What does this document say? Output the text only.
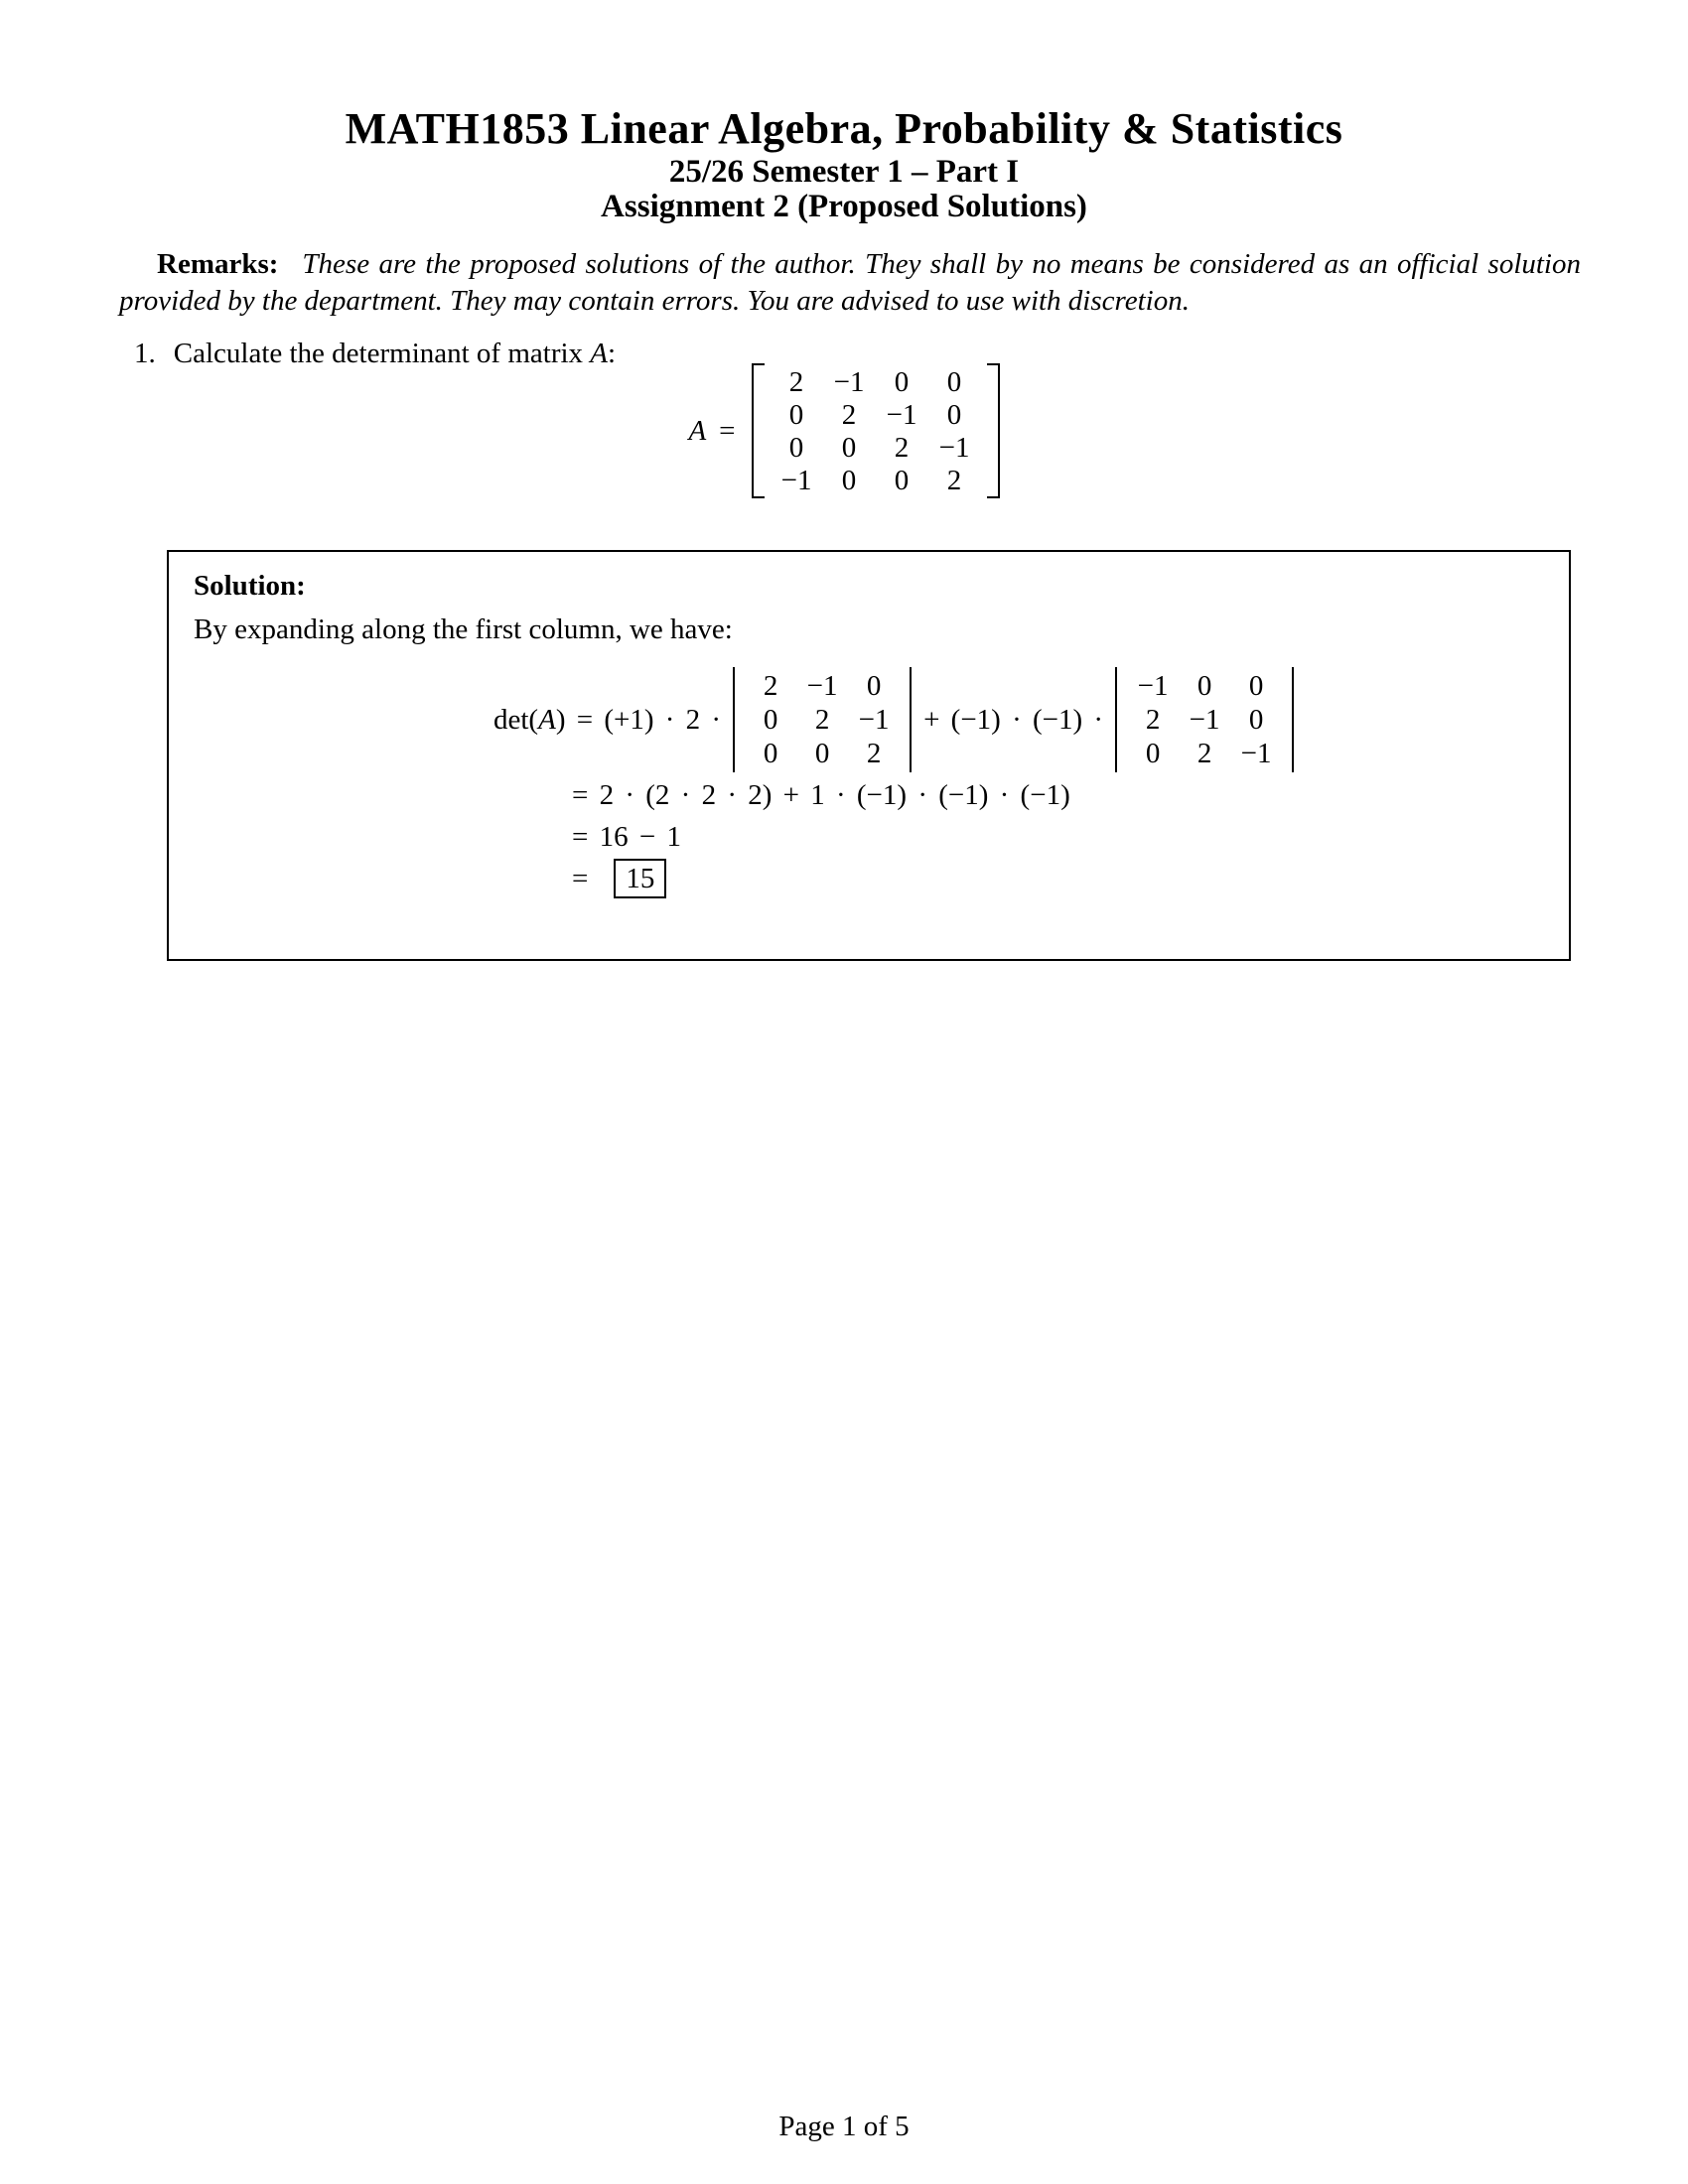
MATH1853 Linear Algebra, Probability & Statistics
25/26 Semester 1 – Part I
Assignment 2 (Proposed Solutions)

Remarks: These are the proposed solutions of the author. They shall by no means be considered as an official solution provided by the department. They may contain errors. You are advised to use with discretion.

1. Calculate the determinant of matrix A:
A =
2	−1	0	0
0	2	−1	0
0	0	2	−1
−1	0	0	2
Solution:
By expanding along the first column, we have:
det(A) = (+1) · 2 ·
2	−1	0
0	2	−1
0	0	2
+ (−1) · (−1) ·
−1	0	0
2	−1	0
0	2	−1
= 2 · (2 · 2 · 2) + 1 · (−1) · (−1) · (−1)
= 16 − 1
=	15
Page 1 of 5
